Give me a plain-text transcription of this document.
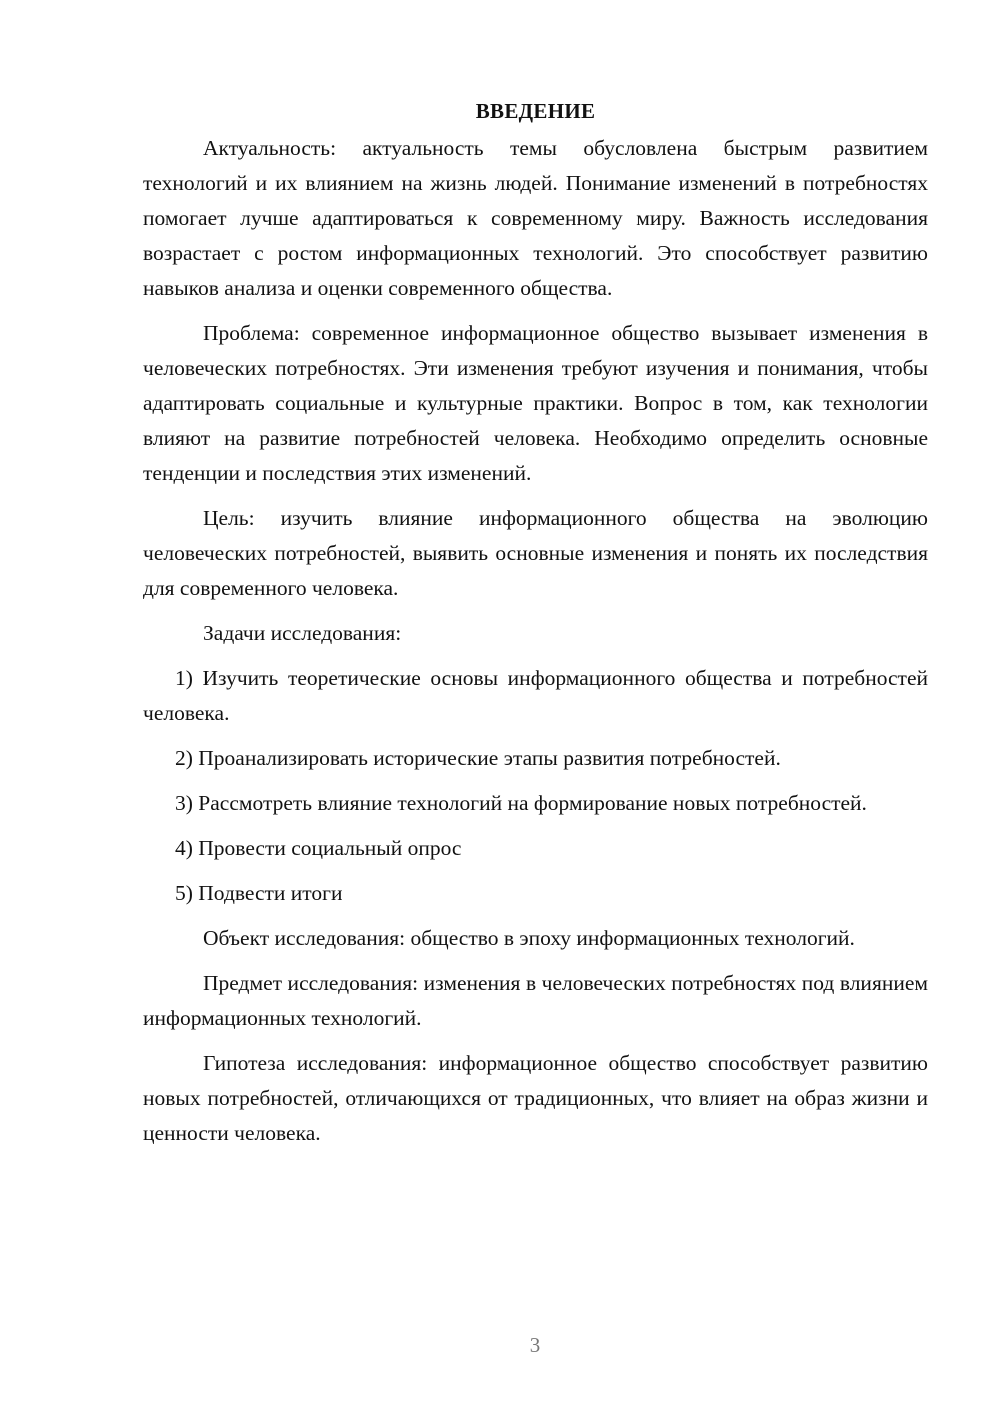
ВВЕДЕНИЕ

Актуальность: актуальность темы обусловлена быстрым развитием технологий и их влиянием на жизнь людей. Понимание изменений в потребностях помогает лучше адаптироваться к современному миру. Важность исследования возрастает с ростом информационных технологий. Это способствует развитию навыков анализа и оценки современного общества.

Проблема: современное информационное общество вызывает изменения в человеческих потребностях. Эти изменения требуют изучения и понимания, чтобы адаптировать социальные и культурные практики. Вопрос в том, как технологии влияют на развитие потребностей человека. Необходимо определить основные тенденции и последствия этих изменений.

Цель: изучить влияние информационного общества на эволюцию человеческих потребностей, выявить основные изменения и понять их последствия для современного человека.

Задачи исследования:

1) Изучить теоретические основы информационного общества и потребностей человека.

2) Проанализировать исторические этапы развития потребностей.

3) Рассмотреть влияние технологий на формирование новых потребностей.

4) Провести социальный опрос

5) Подвести итоги

Объект исследования: общество в эпоху информационных технологий.

Предмет исследования: изменения в человеческих потребностях под влиянием информационных технологий.

Гипотеза исследования: информационное общество способствует развитию новых потребностей, отличающихся от традиционных, что влияет на образ жизни и ценности человека.

3
